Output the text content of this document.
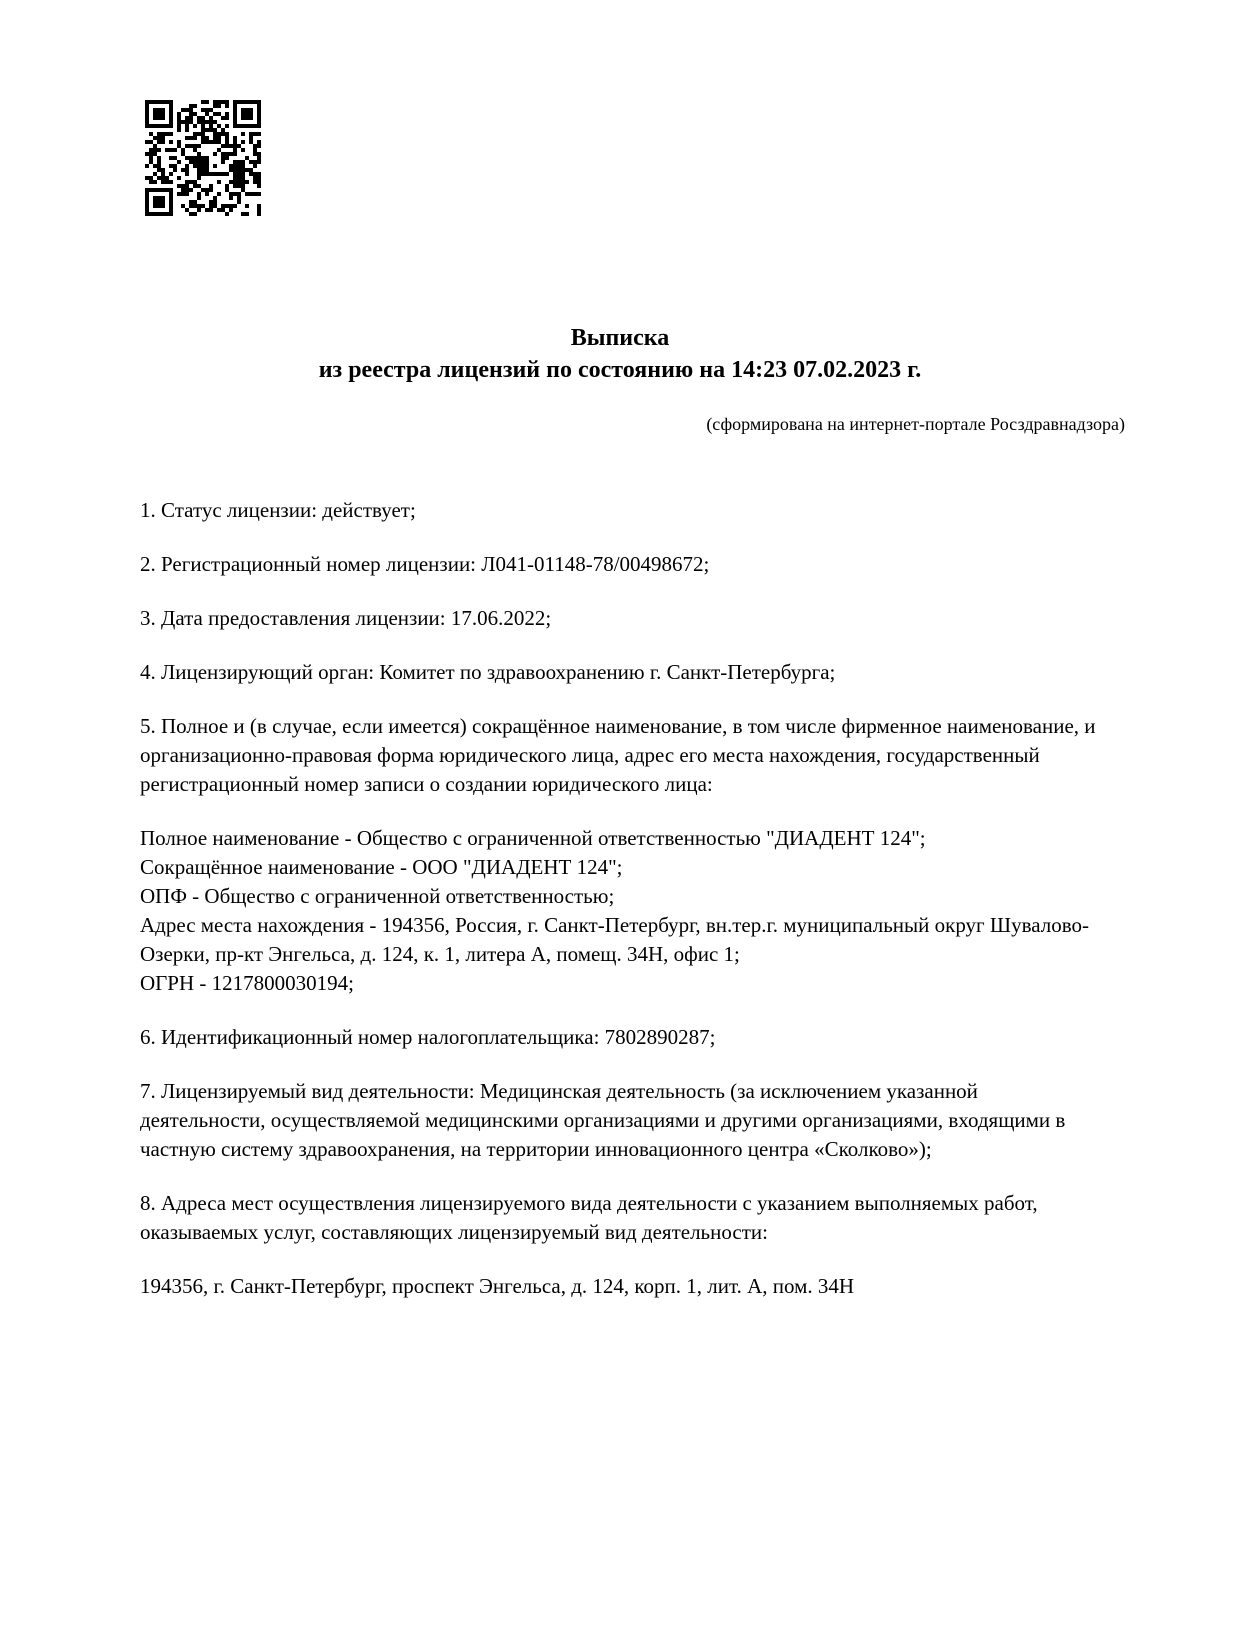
Выписка
из реестра лицензий по состоянию на 14:23 07.02.2023 г.
(сформирована на интернет-портале Росздравнадзора)
1. Статус лицензии: действует;
2. Регистрационный номер лицензии: Л041-01148-78/00498672;
3. Дата предоставления лицензии: 17.06.2022;
4. Лицензирующий орган: Комитет по здравоохранению г. Санкт-Петербурга;
5. Полное и (в случае, если имеется) сокращённое наименование, в том числе фирменное наименование, и организационно-правовая форма юридического лица, адрес его места нахождения, государственный регистрационный номер записи о создании юридического лица:
Полное наименование - Общество с ограниченной ответственностью "ДИАДЕНТ 124";
Сокращённое наименование - ООО "ДИАДЕНТ 124";
ОПФ - Общество с ограниченной ответственностью;
Адрес места нахождения - 194356, Россия, г. Санкт-Петербург, вн.тер.г. муниципальный округ Шувалово-Озерки, пр-кт Энгельса, д. 124, к. 1, литера А, помещ. 34Н, офис 1;
ОГРН - 1217800030194;
6. Идентификационный номер налогоплательщика: 7802890287;
7. Лицензируемый вид деятельности: Медицинская деятельность (за исключением указанной деятельности, осуществляемой медицинскими организациями и другими организациями, входящими в частную систему здравоохранения, на территории инновационного центра «Сколково»);
8. Адреса мест осуществления лицензируемого вида деятельности с указанием выполняемых работ, оказываемых услуг, составляющих лицензируемый вид деятельности:
194356, г. Санкт-Петербург, проспект Энгельса, д. 124, корп. 1, лит. А, пом. 34Н
